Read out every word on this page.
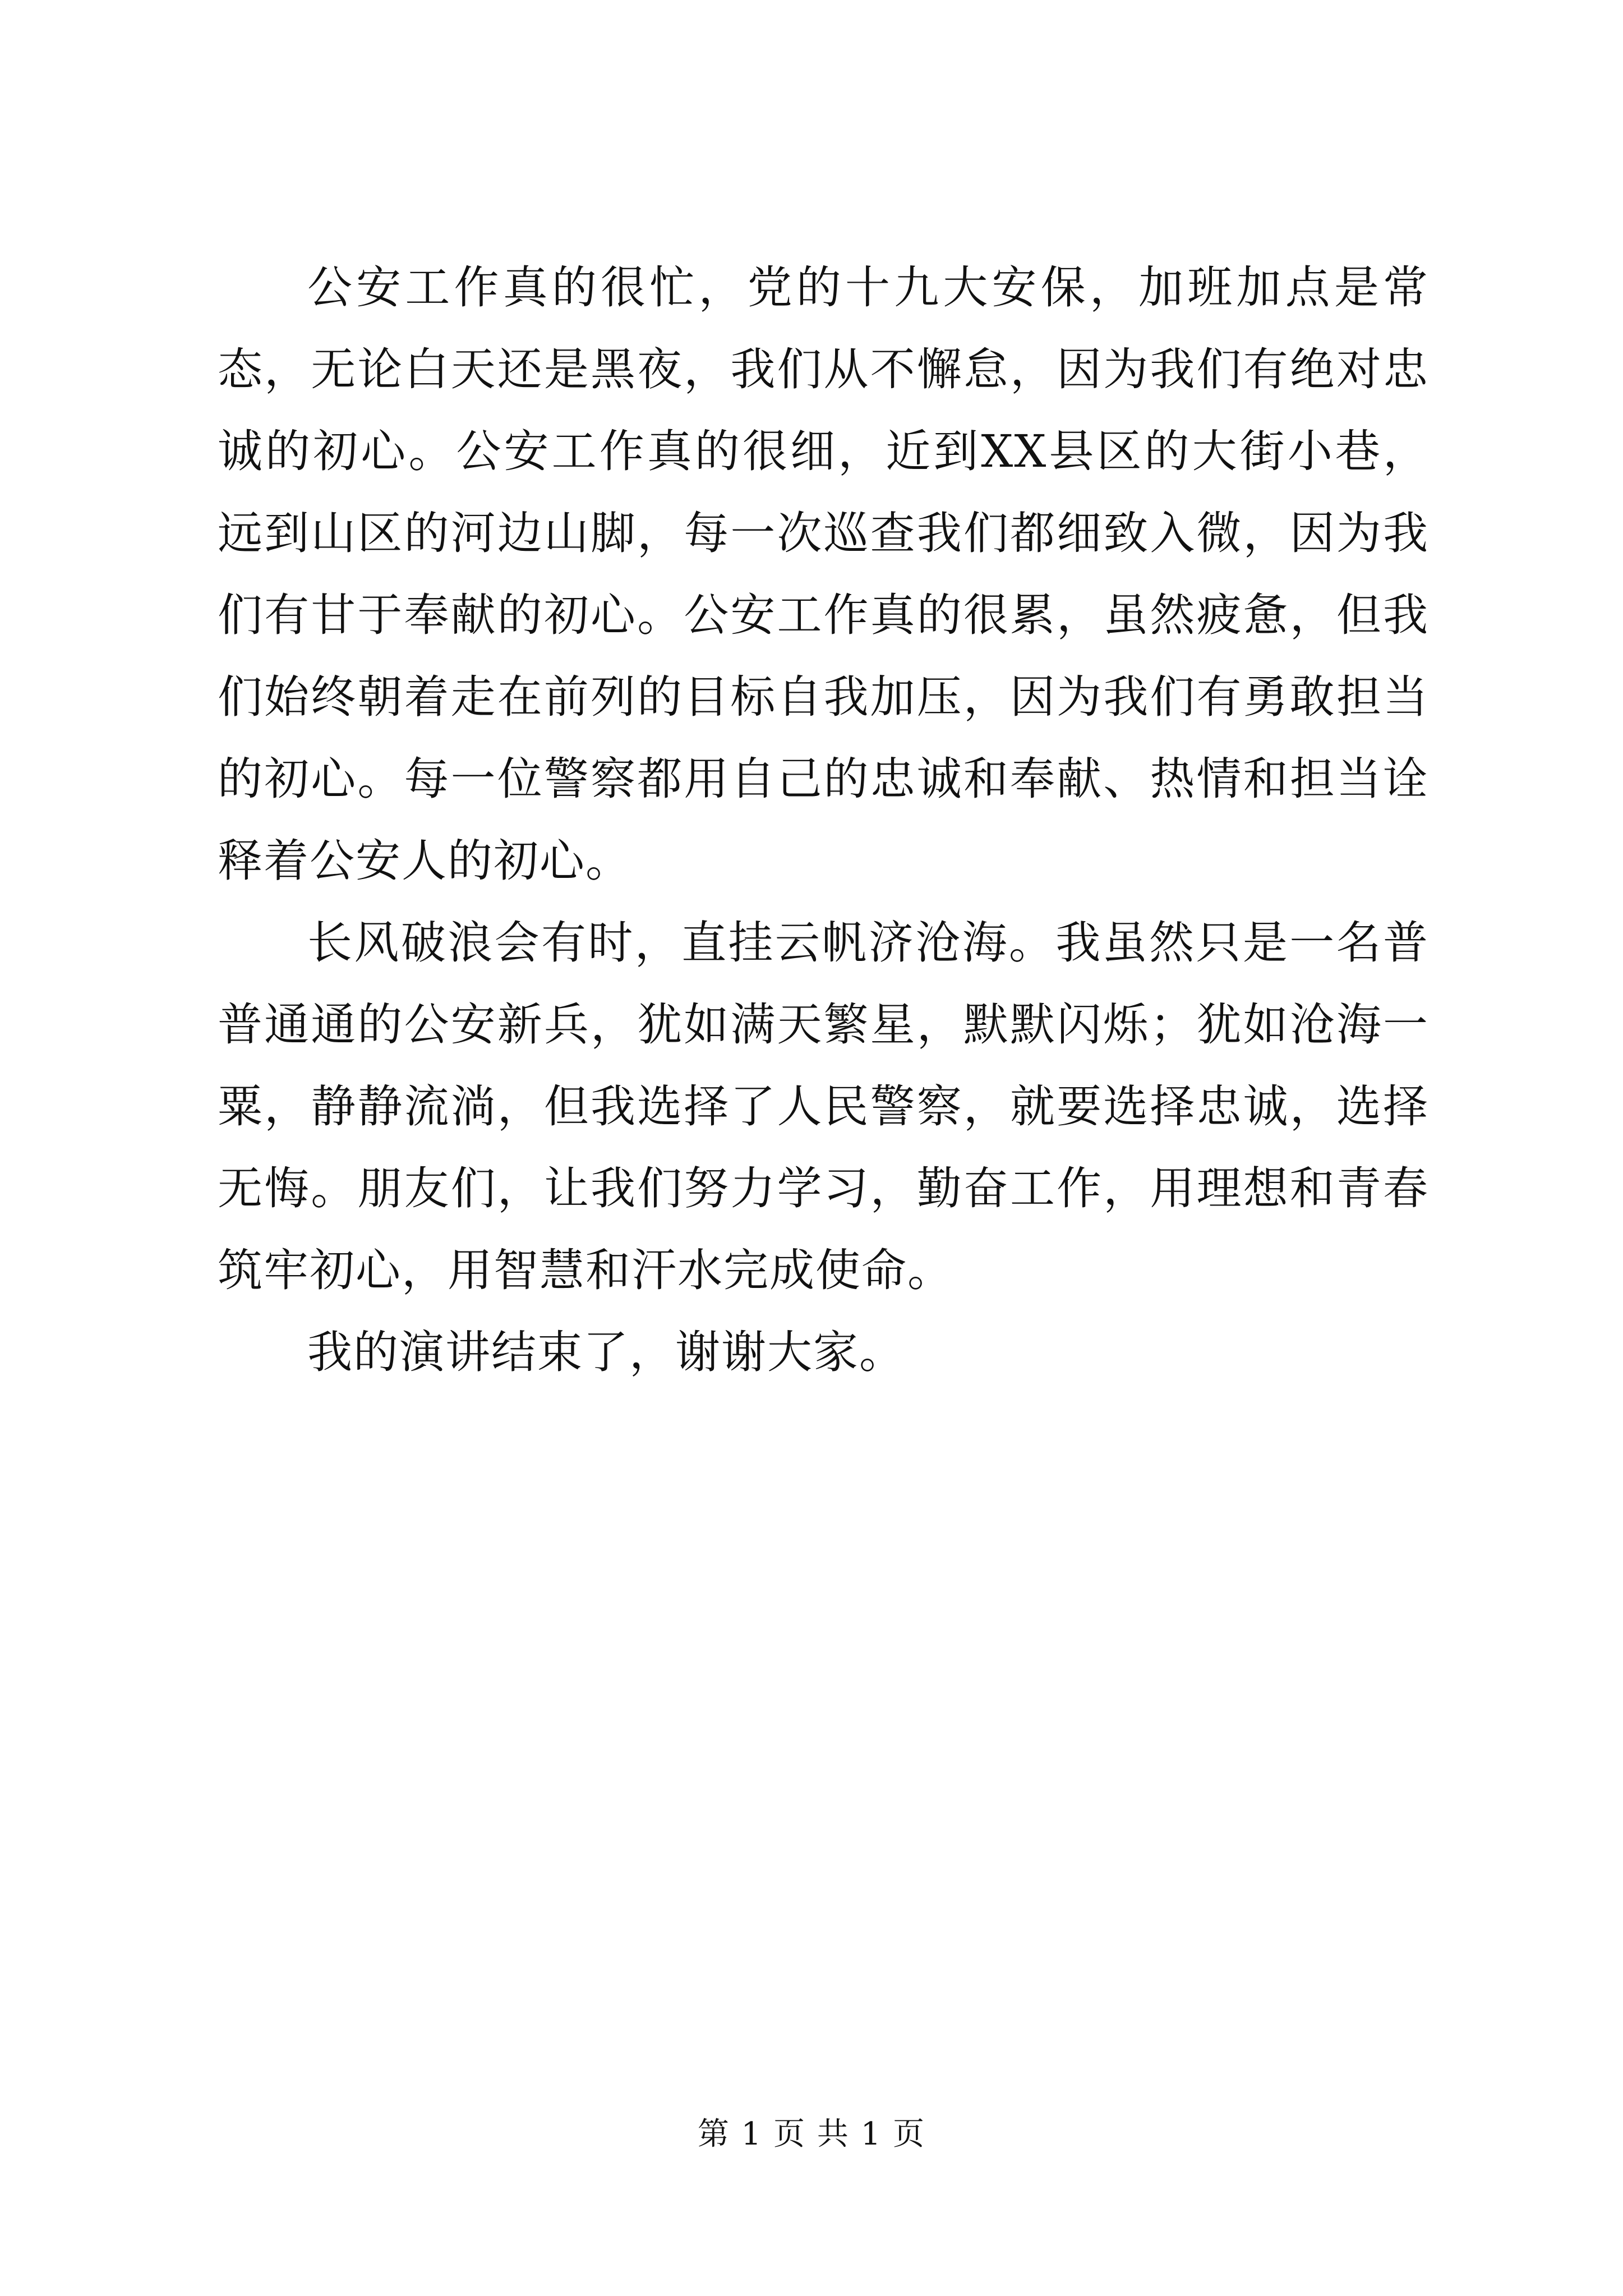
公安工作真的很忙，党的十九大安保，加班加点是常态，无论白天还是黑夜，我们从不懈怠，因为我们有绝对忠诚的初心。公安工作真的很细，近到XX县区的大街小巷，远到山区的河边山脚，每一次巡查我们都细致入微，因为我们有甘于奉献的初心。公安工作真的很累，虽然疲惫，但我们始终朝着走在前列的目标自我加压，因为我们有勇敢担当的初心。每一位警察都用自己的忠诚和奉献、热情和担当诠释着公安人的初心。

长风破浪会有时，直挂云帆济沧海。我虽然只是一名普普通通的公安新兵，犹如满天繁星，默默闪烁；犹如沧海一粟，静静流淌，但我选择了人民警察，就要选择忠诚，选择无悔。朋友们，让我们努力学习，勤奋工作，用理想和青春筑牢初心，用智慧和汗水完成使命。

我的演讲结束了，谢谢大家。

第 1 页 共 1 页
